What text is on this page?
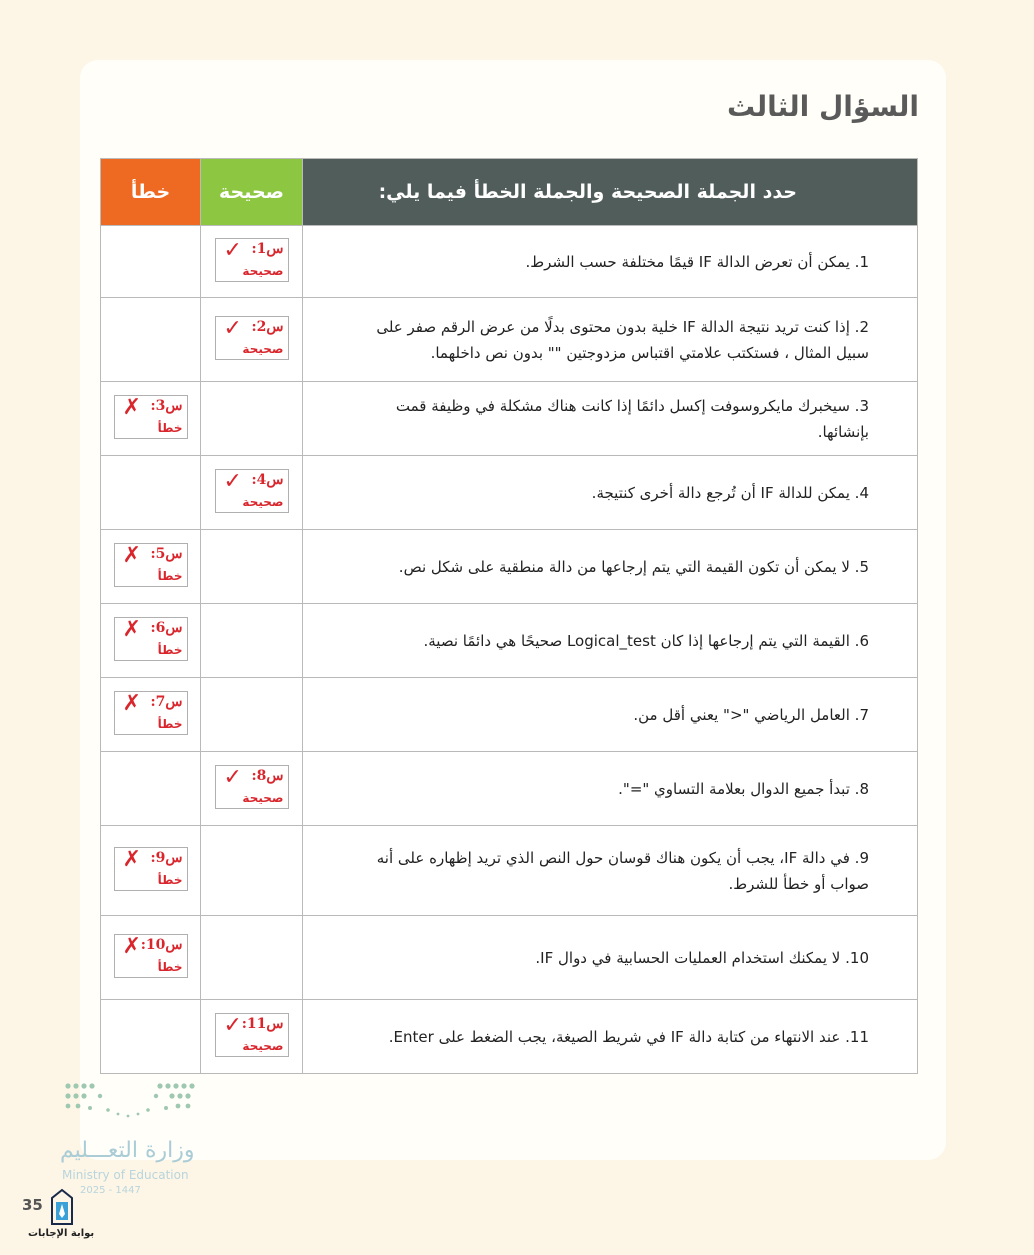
السؤال الثالث
حدد الجملة الصحيحة والجملة الخطأ فيما يلي:	صحيحة	خطأ
1. يمكن أن تعرض الدالة IF قيمًا مختلفة حسب الشرط.	س1:
✓
صحيحة	

2. إذا كنت تريد نتيجة الدالة IF خلية بدون محتوى بدلًا من عرض الرقم صفر على سبيل المثال ، فستكتب علامتي اقتباس مزدوجتين "" بدون نص داخلهما.	س2:
✓
صحيحة	

3. سيخبرك مايكروسوفت إكسل دائمًا إذا كانت هناك مشكلة في وظيفة قمت بإنشائها.		س3:
✗
خطأ

4. يمكن للدالة IF أن تُرجع دالة أخرى كنتيجة.	س4:
✓
صحيحة	

5. لا يمكن أن تكون القيمة التي يتم إرجاعها من دالة منطقية على شكل نص.		س5:
✗
خطأ

6. القيمة التي يتم إرجاعها إذا كان Logical_test صحيحًا هي دائمًا نصية.		س6:
✗
خطأ

7. العامل الرياضي "<" يعني أقل من.		س7:
✗
خطأ

8. تبدأ جميع الدوال بعلامة التساوي "=".	س8:
✓
صحيحة	

9. في دالة IF، يجب أن يكون هناك قوسان حول النص الذي تريد إظهاره على أنه صواب أو خطأ للشرط.		س9:
✗
خطأ

10. لا يمكنك استخدام العمليات الحسابية في دوال IF.		س10:
✗
خطأ

11. عند الانتهاء من كتابة دالة IF في شريط الصيغة، يجب الضغط على Enter.	س11:
✓
صحيحة	

وزارة التعـــليم
Ministry of Education
2025 - 1447
35
بوابة الإجابات
